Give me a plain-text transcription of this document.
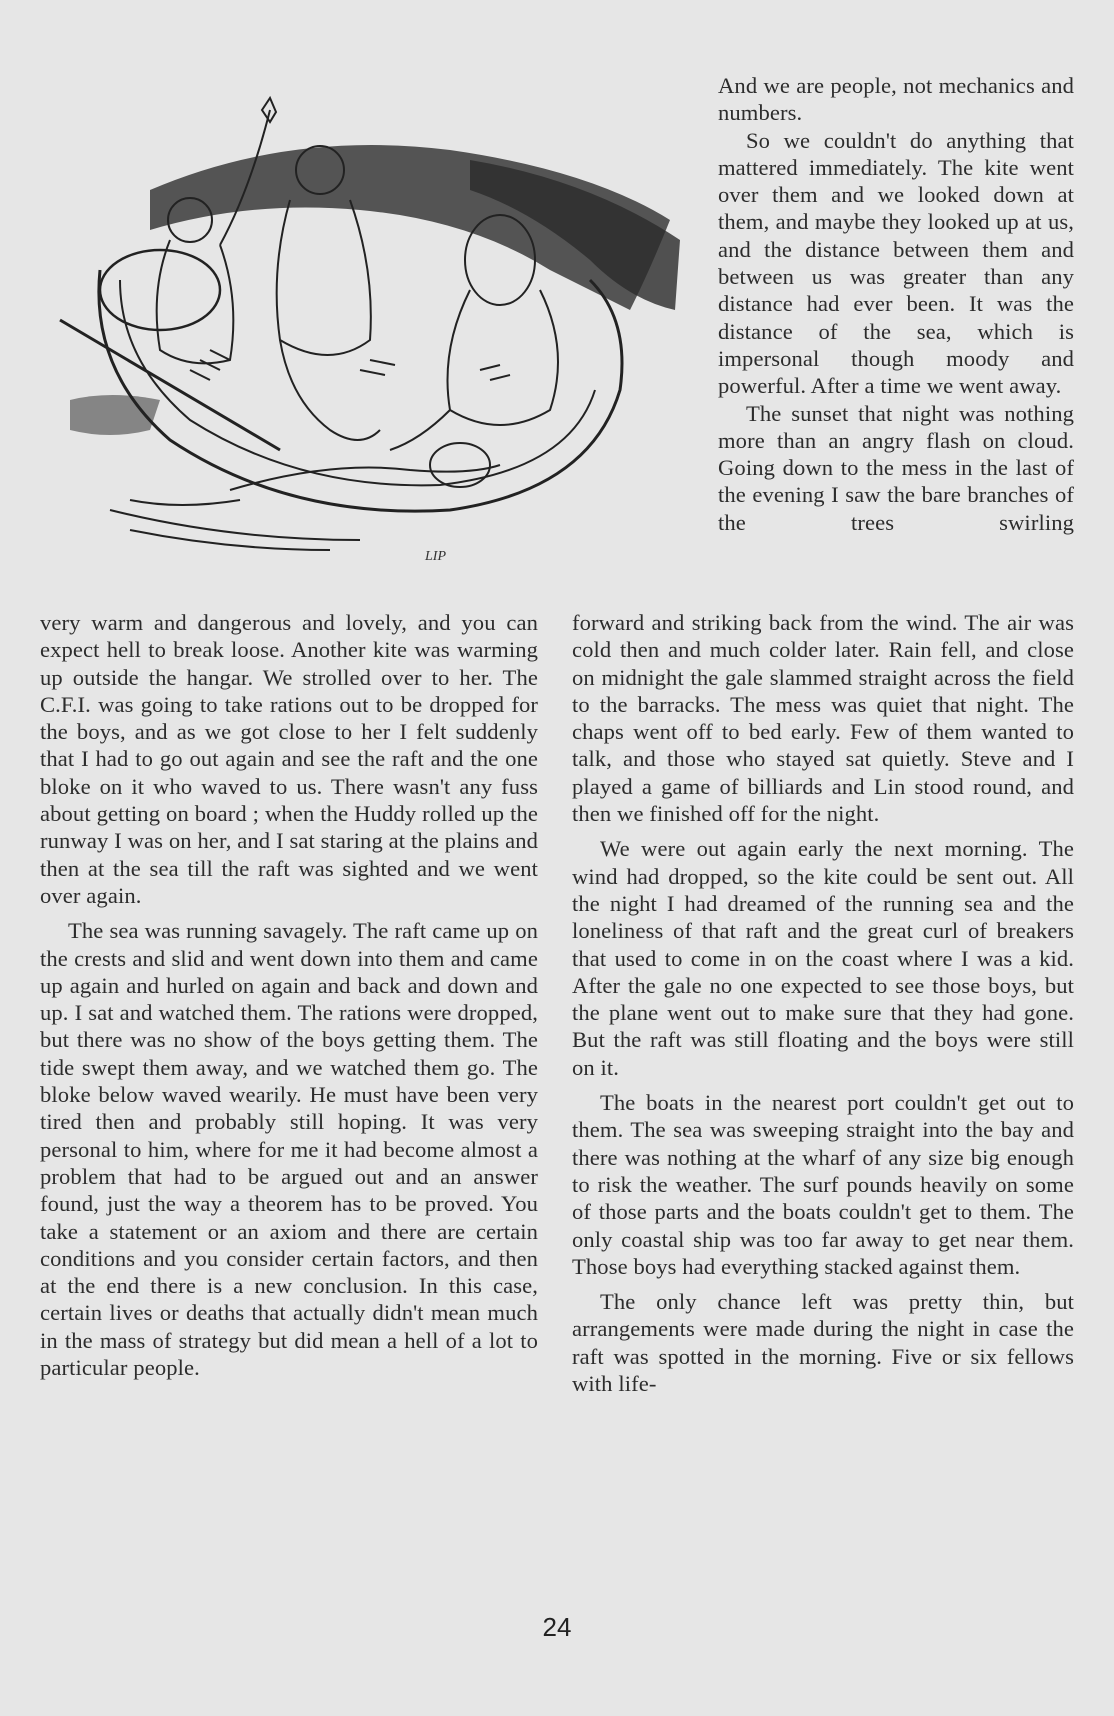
LIP

And we are people, not mechanics and numbers.

So we couldn't do anything that mattered immediately. The kite went over them and we looked down at them, and maybe they looked up at us, and the distance between them and between us was greater than any distance had ever been. It was the distance of the sea, which is impersonal though moody and powerful. After a time we went away.

The sunset that night was nothing more than an angry flash on cloud. Going down to the mess in the last of the evening I saw the bare branches of the trees swirling

very warm and dangerous and lovely, and you can expect hell to break loose. Another kite was warming up outside the hangar. We strolled over to her. The C.F.I. was going to take rations out to be dropped for the boys, and as we got close to her I felt suddenly that I had to go out again and see the raft and the one bloke on it who waved to us. There wasn't any fuss about getting on board ; when the Huddy rolled up the runway I was on her, and I sat staring at the plains and then at the sea till the raft was sighted and we went over again.

The sea was running savagely. The raft came up on the crests and slid and went down into them and came up again and hurled on again and back and down and up. I sat and watched them. The rations were dropped, but there was no show of the boys getting them. The tide swept them away, and we watched them go. The bloke below waved wearily. He must have been very tired then and probably still hoping. It was very personal to him, where for me it had become almost a problem that had to be argued out and an answer found, just the way a theorem has to be proved. You take a statement or an axiom and there are certain conditions and you consider certain factors, and then at the end there is a new conclusion. In this case, certain lives or deaths that actually didn't mean much in the mass of strategy but did mean a hell of a lot to particular people.

forward and striking back from the wind. The air was cold then and much colder later. Rain fell, and close on midnight the gale slammed straight across the field to the barracks. The mess was quiet that night. The chaps went off to bed early. Few of them wanted to talk, and those who stayed sat quietly. Steve and I played a game of billiards and Lin stood round, and then we finished off for the night.

We were out again early the next morning. The wind had dropped, so the kite could be sent out. All the night I had dreamed of the running sea and the loneliness of that raft and the great curl of breakers that used to come in on the coast where I was a kid. After the gale no one expected to see those boys, but the plane went out to make sure that they had gone. But the raft was still floating and the boys were still on it.

The boats in the nearest port couldn't get out to them. The sea was sweeping straight into the bay and there was nothing at the wharf of any size big enough to risk the weather. The surf pounds heavily on some of those parts and the boats couldn't get to them. The only coastal ship was too far away to get near them. Those boys had everything stacked against them.

The only chance left was pretty thin, but arrangements were made during the night in case the raft was spotted in the morning. Five or six fellows with life-

24
